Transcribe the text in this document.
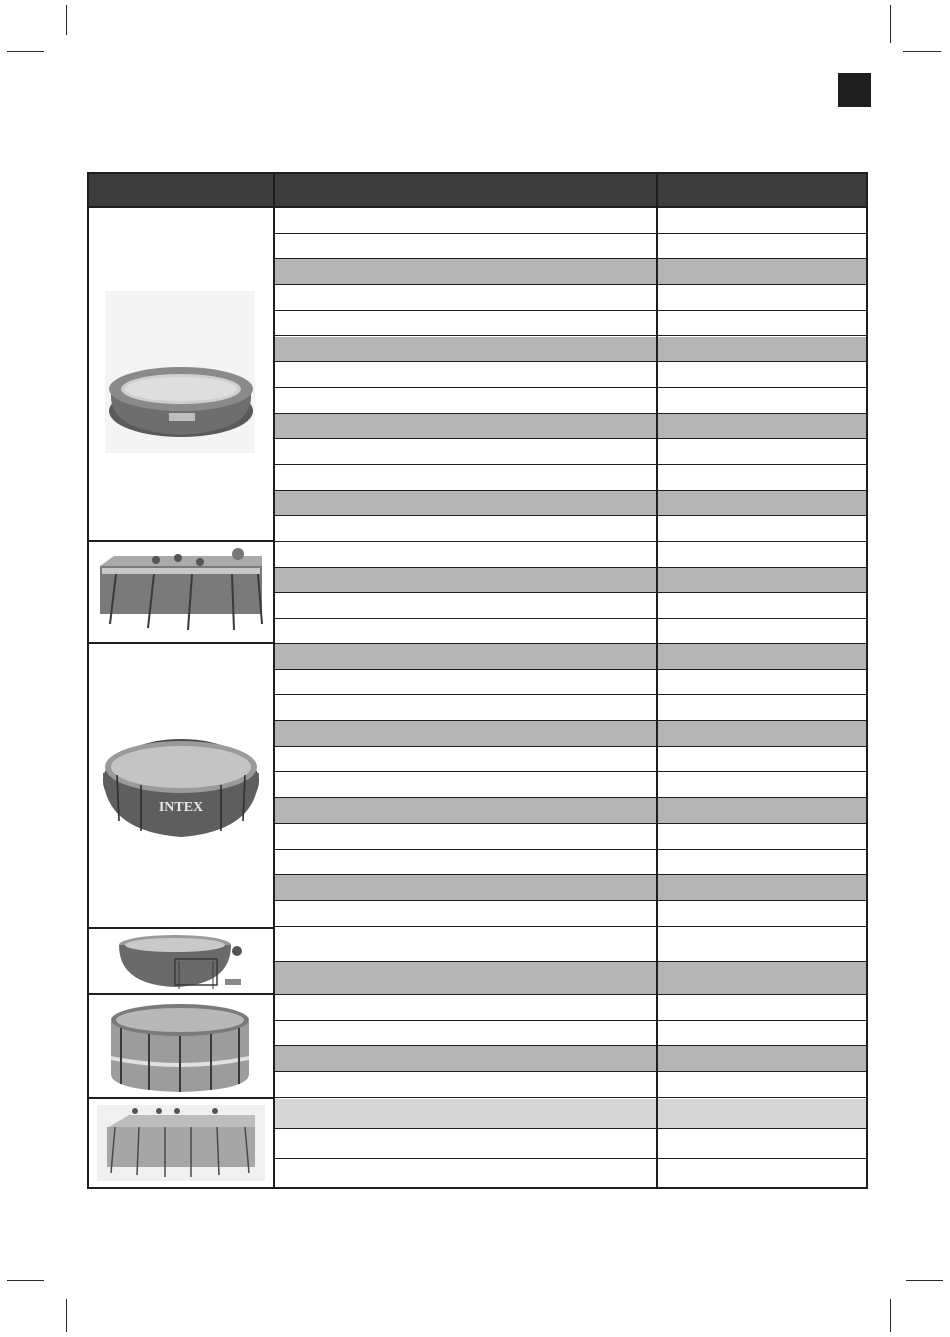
INTEX
